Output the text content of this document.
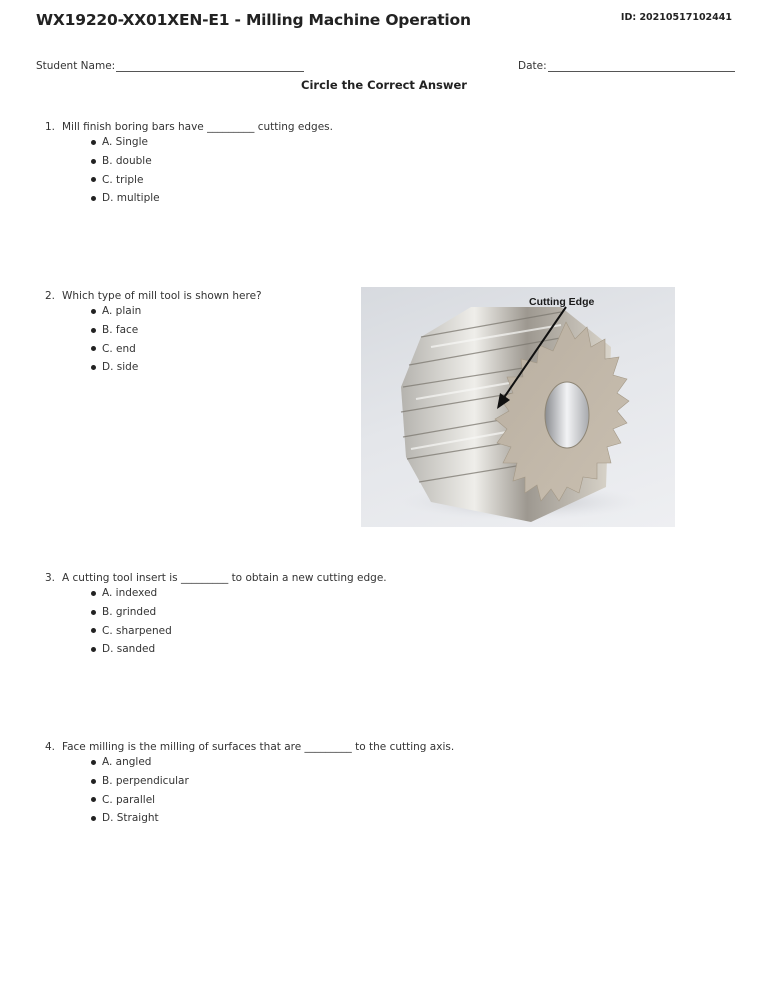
WX19220-XX01XEN-E1 - Milling Machine Operation	ID: 20210517102441
Student Name:	Date:
Circle the Correct Answer
1. Mill finish boring bars have _________ cutting edges.
A. Single
B. double
C. triple
D. multiple
2. Which type of mill tool is shown here?
A. plain
B. face
C. end
D. side
Cutting Edge
3. A cutting tool insert is _________ to obtain a new cutting edge.
A. indexed
B. grinded
C. sharpened
D. sanded
4. Face milling is the milling of surfaces that are _________ to the cutting axis.
A. angled
B. perpendicular
C. parallel
D. Straight
